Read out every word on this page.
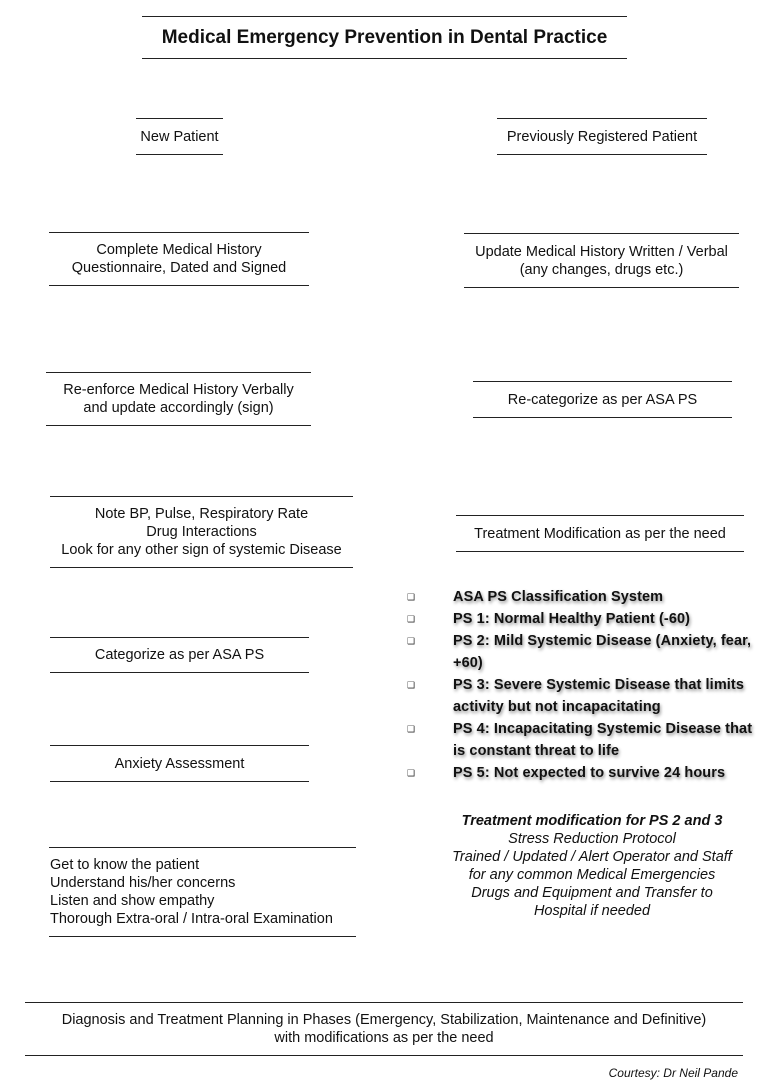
Medical Emergency Prevention in Dental Practice
New Patient
Complete Medical History
Questionnaire, Dated and Signed
Re-enforce Medical History Verbally
and update accordingly (sign)
Note BP, Pulse, Respiratory Rate
Drug Interactions
Look for any other sign of systemic Disease
Categorize as per ASA PS
Anxiety Assessment
Get to know the patient
Understand his/her concerns
Listen and show empathy
Thorough Extra-oral / Intra-oral Examination
Previously Registered Patient
Update Medical History Written / Verbal
(any changes, drugs etc.)
Re-categorize as per ASA PS
Treatment Modification as per the need
❑	ASA PS Classification System
❑	PS 1: Normal Healthy Patient (-60)
❑	PS 2: Mild Systemic Disease (Anxiety, fear, +60)
❑	PS 3: Severe Systemic Disease that limits activity but not incapacitating
❑	PS 4: Incapacitating Systemic Disease that is constant threat to life
❑	PS 5: Not expected to survive 24 hours
Treatment modification for PS 2 and 3
Stress Reduction Protocol
Trained / Updated / Alert Operator and Staff for any common Medical Emergencies
Drugs and Equipment and Transfer to Hospital if needed
Diagnosis and Treatment Planning in Phases (Emergency, Stabilization, Maintenance and Definitive)
with modifications as per the need
Courtesy: Dr Neil Pande
